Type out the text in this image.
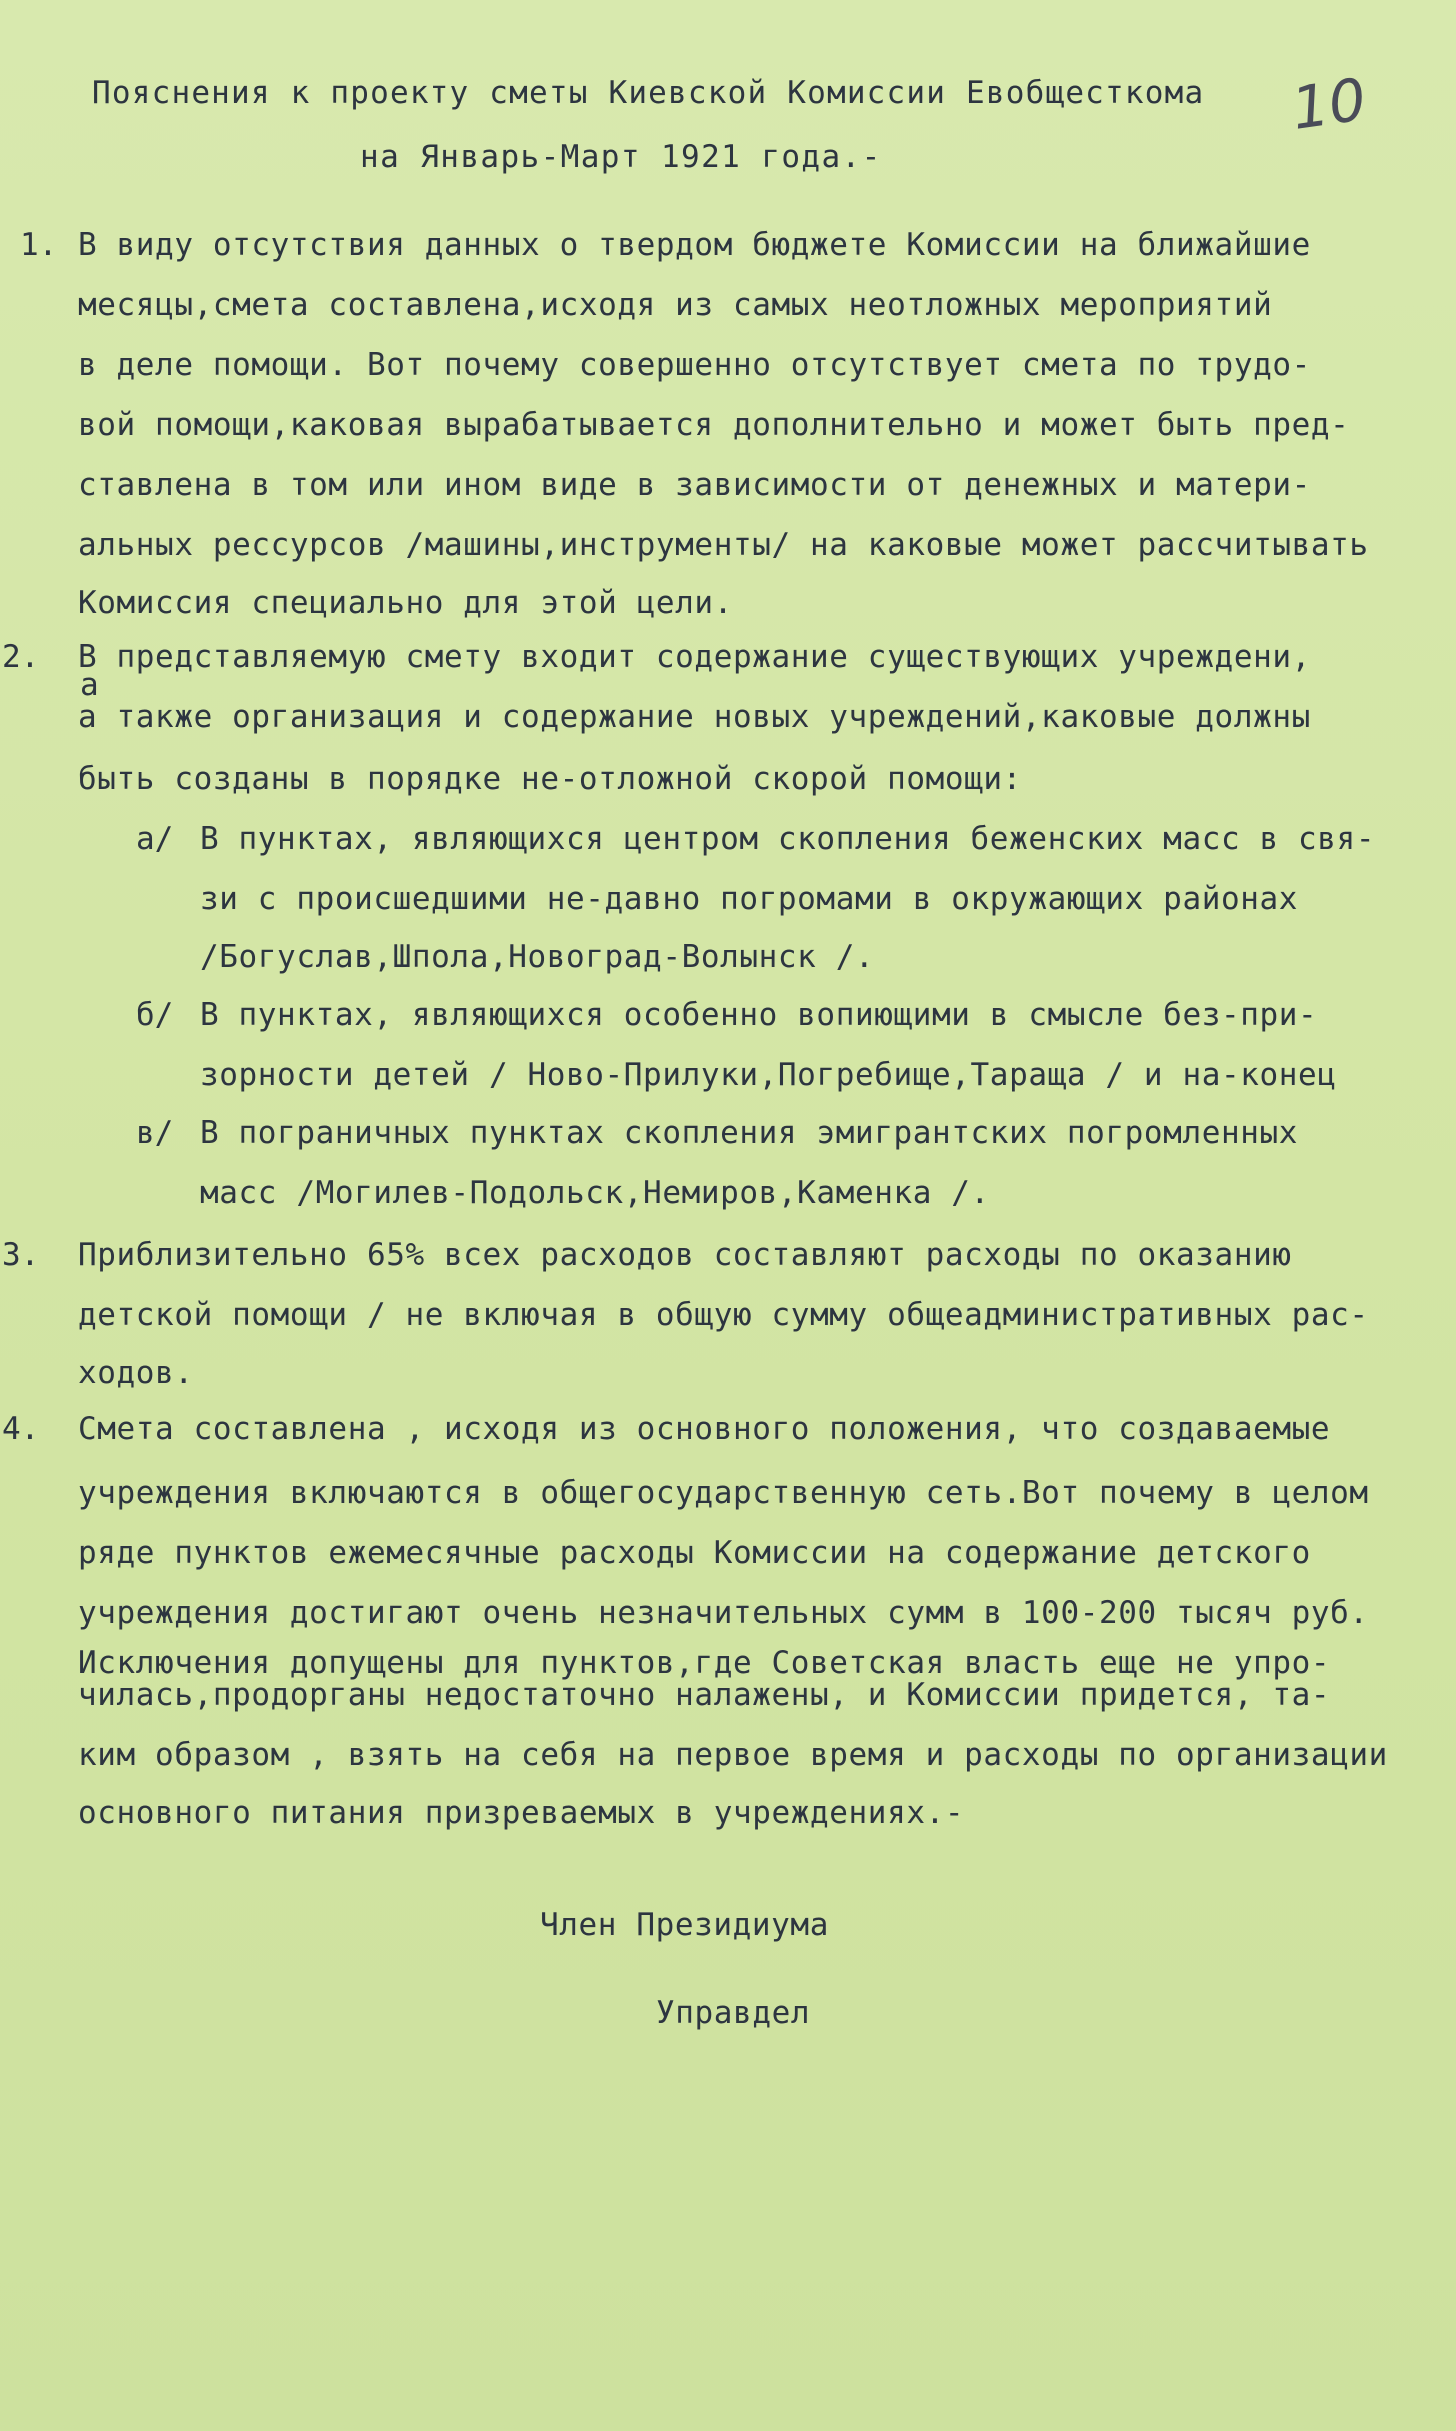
10
Пояснения к проекту сметы Киевской Комиссии Евобщесткома
на Январь-Март 1921 года.-
1. В виду отсутствия данных о твердом бюджете Комиссии на ближайшие
месяцы,смета составлена,исходя из самых неотложных мероприятий
в деле помощи. Вот почему совершенно отсутствует смета по трудо-
вой помощи,каковая вырабатывается дополнительно и может быть пред-
ставлена в том или ином виде в зависимости от денежных и матери-
альных рессурсов /машины,инструменты/ на каковые может рассчитывать
Комиссия специально для этой цели.
2. В представляемую смету входит содержание существующих учреждени,
а
а также организация и содержание новых учреждений,каковые должны
быть созданы в порядке не-отложной скорой помощи:
а/ В пунктах, являющихся центром скопления беженских масс в свя-
зи с происшедшими не-давно погромами в окружающих районах
/Богуслав,Шпола,Новоград-Волынск /.
б/ В пунктах, являющихся особенно вопиющими в смысле без-при-
зорности детей / Ново-Прилуки,Погребище,Тараща / и на-конец
в/ В пограничных пунктах скопления эмигрантских погромленных
масс /Могилев-Подольск,Немиров,Каменка /.
3. Приблизительно 65% всех расходов составляют расходы по оказанию
детской помощи / не включая в общую сумму общеадминистративных рас-
ходов.
4. Смета составлена , исходя из основного положения, что создаваемые
учреждения включаются в общегосударственную сеть.Вот почему в целом
ряде пунктов ежемесячные расходы Комиссии на содержание детского
учреждения достигают очень незначительных сумм в 100-200 тысяч руб.
Исключения допущены для пунктов,где Советская власть еще не упро-
чилась,продорганы недостаточно налажены, и Комиссии придется, та-
ким образом , взять на себя на первое время и расходы по организации
основного питания призреваемых в учреждениях.-
Член Президиума
Управдел
